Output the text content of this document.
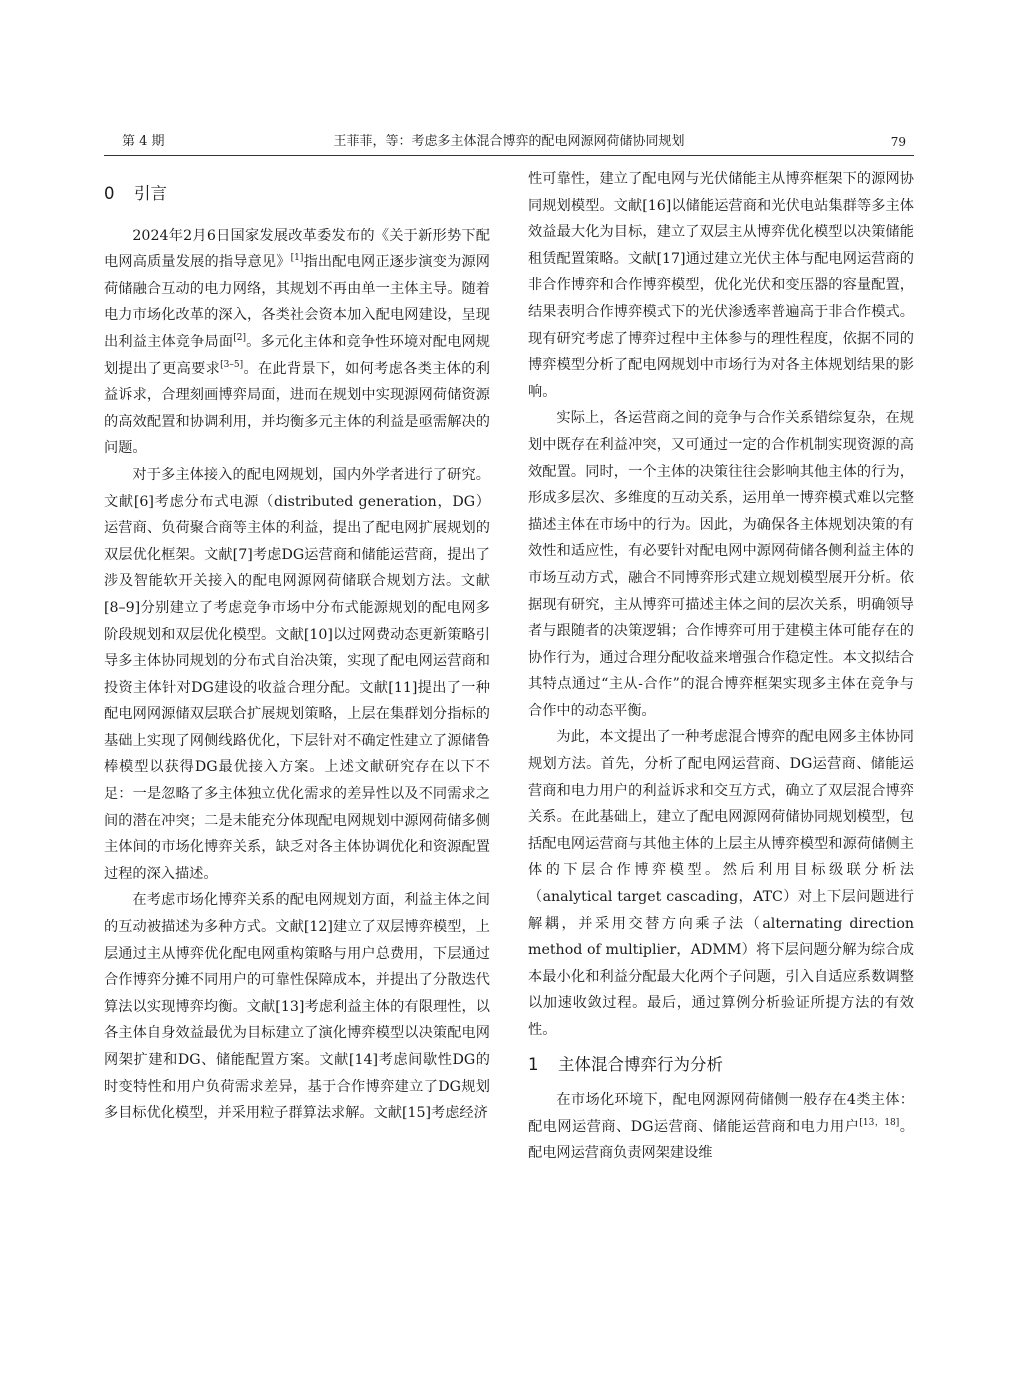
第 4 期	王菲菲，等：考虑多主体混合博弈的配电网源网荷储协同规划	79
0 引言

2024年2月6日国家发展改革委发布的《关于新形势下配电网高质量发展的指导意见》[1]指出配电网正逐步演变为源网荷储融合互动的电力网络，其规划不再由单一主体主导。随着电力市场化改革的深入，各类社会资本加入配电网建设，呈现出利益主体竞争局面[2]。多元化主体和竞争性环境对配电网规划提出了更高要求[3–5]。在此背景下，如何考虑各类主体的利益诉求，合理刻画博弈局面，进而在规划中实现源网荷储资源的高效配置和协调利用，并均衡多元主体的利益是亟需解决的问题。

对于多主体接入的配电网规划，国内外学者进行了研究。文献[6]考虑分布式电源（distributed generation，DG）运营商、负荷聚合商等主体的利益，提出了配电网扩展规划的双层优化框架。文献[7]考虑DG运营商和储能运营商，提出了涉及智能软开关接入的配电网源网荷储联合规划方法。文献[8–9]分别建立了考虑竞争市场中分布式能源规划的配电网多阶段规划和双层优化模型。文献[10]以过网费动态更新策略引导多主体协同规划的分布式自治决策，实现了配电网运营商和投资主体针对DG建设的收益合理分配。文献[11]提出了一种配电网网源储双层联合扩展规划策略，上层在集群划分指标的基础上实现了网侧线路优化，下层针对不确定性建立了源储鲁棒模型以获得DG最优接入方案。上述文献研究存在以下不足：一是忽略了多主体独立优化需求的差异性以及不同需求之间的潜在冲突；二是未能充分体现配电网规划中源网荷储多侧主体间的市场化博弈关系，缺乏对各主体协调优化和资源配置过程的深入描述。

在考虑市场化博弈关系的配电网规划方面，利益主体之间的互动被描述为多种方式。文献[12]建立了双层博弈模型，上层通过主从博弈优化配电网重构策略与用户总费用，下层通过合作博弈分摊不同用户的可靠性保障成本，并提出了分散迭代算法以实现博弈均衡。文献[13]考虑利益主体的有限理性，以各主体自身效益最优为目标建立了演化博弈模型以决策配电网网架扩建和DG、储能配置方案。文献[14]考虑间歇性DG的时变特性和用户负荷需求差异，基于合作博弈建立了DG规划多目标优化模型，并采用粒子群算法求解。文献[15]考虑经济

性可靠性，建立了配电网与光伏储能主从博弈框架下的源网协同规划模型。文献[16]以储能运营商和光伏电站集群等多主体效益最大化为目标，建立了双层主从博弈优化模型以决策储能租赁配置策略。文献[17]通过建立光伏主体与配电网运营商的非合作博弈和合作博弈模型，优化光伏和变压器的容量配置，结果表明合作博弈模式下的光伏渗透率普遍高于非合作模式。现有研究考虑了博弈过程中主体参与的理性程度，依据不同的博弈模型分析了配电网规划中市场行为对各主体规划结果的影响。

实际上，各运营商之间的竞争与合作关系错综复杂，在规划中既存在利益冲突，又可通过一定的合作机制实现资源的高效配置。同时，一个主体的决策往往会影响其他主体的行为，形成多层次、多维度的互动关系，运用单一博弈模式难以完整描述主体在市场中的行为。因此，为确保各主体规划决策的有效性和适应性，有必要针对配电网中源网荷储各侧利益主体的市场互动方式，融合不同博弈形式建立规划模型展开分析。依据现有研究，主从博弈可描述主体之间的层次关系，明确领导者与跟随者的决策逻辑；合作博弈可用于建模主体可能存在的协作行为，通过合理分配收益来增强合作稳定性。本文拟结合其特点通过“主从-合作”的混合博弈框架实现多主体在竞争与合作中的动态平衡。

为此，本文提出了一种考虑混合博弈的配电网多主体协同规划方法。首先，分析了配电网运营商、DG运营商、储能运营商和电力用户的利益诉求和交互方式，确立了双层混合博弈关系。在此基础上，建立了配电网源网荷储协同规划模型，包括配电网运营商与其他主体的上层主从博弈模型和源荷储侧主体的下层合作博弈模型。然后利用目标级联分析法（analytical target cascading，ATC）对上下层问题进行解耦，并采用交替方向乘子法（alternating direction method of multiplier，ADMM）将下层问题分解为综合成本最小化和利益分配最大化两个子问题，引入自适应系数调整以加速收敛过程。最后，通过算例分析验证所提方法的有效性。

1 主体混合博弈行为分析

在市场化环境下，配电网源网荷储侧一般存在4类主体：配电网运营商、DG运营商、储能运营商和电力用户[13，18]。配电网运营商负责网架建设维
